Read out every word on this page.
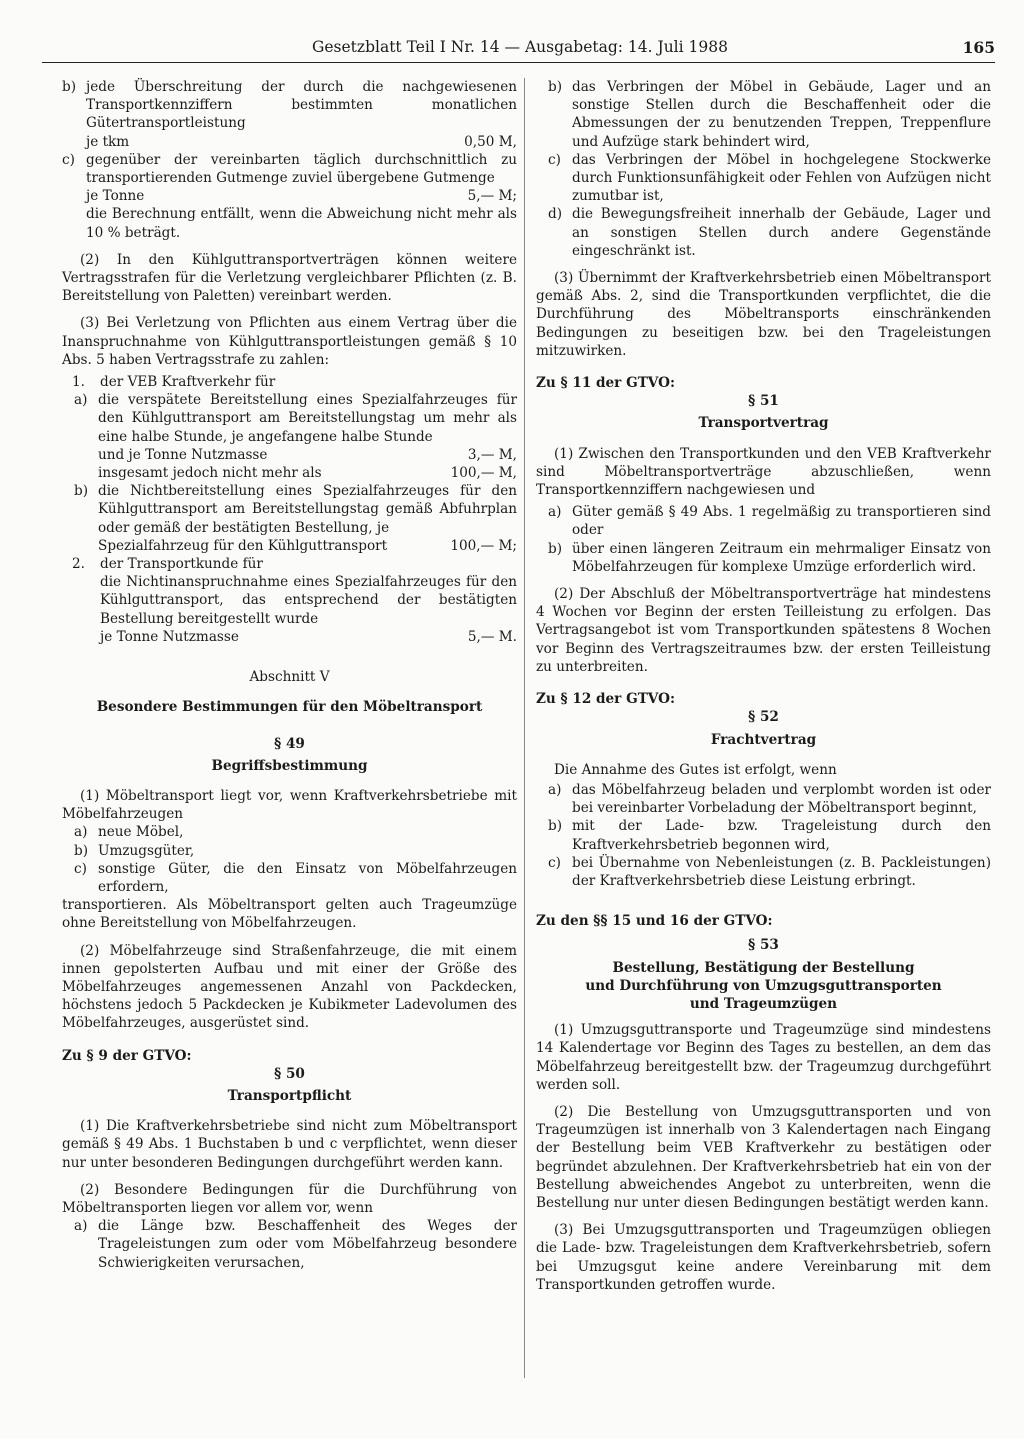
Gesetzblatt Teil I Nr. 14 — Ausgabetag: 14. Juli 1988	165
b) jede Überschreitung der durch die nachgewiesenen Transportkennziffern bestimmten monatlichen Gütertransportleistung
je tkm	0,50 M,
c) gegenüber der vereinbarten täglich durchschnittlich zu transportierenden Gutmenge zuviel übergebene Gutmenge
je Tonne	5,— M;
die Berechnung entfällt, wenn die Abweichung nicht mehr als 10 % beträgt.

(2) In den Kühlguttransportverträgen können weitere Vertragsstrafen für die Verletzung vergleichbarer Pflichten (z. B. Bereitstellung von Paletten) vereinbart werden.

(3) Bei Verletzung von Pflichten aus einem Vertrag über die Inanspruchnahme von Kühlguttransportleistungen gemäß § 10 Abs. 5 haben Vertragsstrafe zu zahlen:

1.	der VEB Kraftverkehr für
a) die verspätete Bereitstellung eines Spezialfahrzeuges für den Kühlguttransport am Bereitstellungstag um mehr als eine halbe Stunde, je angefangene halbe Stunde
und je Tonne Nutzmasse	3,— M,
insgesamt jedoch nicht mehr als	100,— M,
b) die Nichtbereitstellung eines Spezialfahrzeuges für den Kühlguttransport am Bereitstellungstag gemäß Abfuhrplan oder gemäß der bestätigten Bestellung, je
Spezialfahrzeug für den Kühlguttransport	100,— M;
2.	der Transportkunde für
die Nichtinanspruchnahme eines Spezialfahrzeuges für den Kühlguttransport, das entsprechend der bestätigten Bestellung bereitgestellt wurde
je Tonne Nutzmasse	5,— M.
Abschnitt V
Besondere Bestimmungen für den Möbeltransport
§ 49
Begriffsbestimmung

(1) Möbeltransport liegt vor, wenn Kraftverkehrsbetriebe mit Möbelfahrzeugen

a) neue Möbel,
b) Umzugsgüter,
c) sonstige Güter, die den Einsatz von Möbelfahrzeugen erfordern,

transportieren. Als Möbeltransport gelten auch Trageumzüge ohne Bereitstellung von Möbelfahrzeugen.

(2) Möbelfahrzeuge sind Straßenfahrzeuge, die mit einem innen gepolsterten Aufbau und mit einer der Größe des Möbelfahrzeuges angemessenen Anzahl von Packdecken, höchstens jedoch 5 Packdecken je Kubikmeter Ladevolumen des Möbelfahrzeuges, ausgerüstet sind.

Zu § 9 der GTVO:
§ 50
Transportpflicht

(1) Die Kraftverkehrsbetriebe sind nicht zum Möbeltransport gemäß § 49 Abs. 1 Buchstaben b und c verpflichtet, wenn dieser nur unter besonderen Bedingungen durchgeführt werden kann.

(2) Besondere Bedingungen für die Durchführung von Möbeltransporten liegen vor allem vor, wenn

a) die Länge bzw. Beschaffenheit des Weges der Trageleistungen zum oder vom Möbelfahrzeug besondere Schwierigkeiten verursachen,
b) das Verbringen der Möbel in Gebäude, Lager und an sonstige Stellen durch die Beschaffenheit oder die Abmessungen der zu benutzenden Treppen, Treppenflure und Aufzüge stark behindert wird,
c) das Verbringen der Möbel in hochgelegene Stockwerke durch Funktionsunfähigkeit oder Fehlen von Aufzügen nicht zumutbar ist,
d) die Bewegungsfreiheit innerhalb der Gebäude, Lager und an sonstigen Stellen durch andere Gegenstände eingeschränkt ist.

(3) Übernimmt der Kraftverkehrsbetrieb einen Möbeltransport gemäß Abs. 2, sind die Transportkunden verpflichtet, die die Durchführung des Möbeltransports einschränkenden Bedingungen zu beseitigen bzw. bei den Trageleistungen mitzuwirken.

Zu § 11 der GTVO:
§ 51
Transportvertrag

(1) Zwischen den Transportkunden und den VEB Kraftverkehr sind Möbeltransportverträge abzuschließen, wenn Transportkennziffern nachgewiesen und

a) Güter gemäß § 49 Abs. 1 regelmäßig zu transportieren sind oder
b) über einen längeren Zeitraum ein mehrmaliger Einsatz von Möbelfahrzeugen für komplexe Umzüge erforderlich wird.

(2) Der Abschluß der Möbeltransportverträge hat mindestens 4 Wochen vor Beginn der ersten Teilleistung zu erfolgen. Das Vertragsangebot ist vom Transportkunden spätestens 8 Wochen vor Beginn des Vertragszeitraumes bzw. der ersten Teilleistung zu unterbreiten.

Zu § 12 der GTVO:
§ 52
Frachtvertrag

Die Annahme des Gutes ist erfolgt, wenn

a) das Möbelfahrzeug beladen und verplombt worden ist oder bei vereinbarter Vorbeladung der Möbeltransport beginnt,
b) mit der Lade- bzw. Trageleistung durch den Kraftverkehrsbetrieb begonnen wird,
c) bei Übernahme von Nebenleistungen (z. B. Packleistungen) der Kraftverkehrsbetrieb diese Leistung erbringt.
Zu den §§ 15 und 16 der GTVO:
§ 53
Bestellung, Bestätigung der Bestellung
und Durchführung von Umzugsguttransporten
und Trageumzügen

(1) Umzugsguttransporte und Trageumzüge sind mindestens 14 Kalendertage vor Beginn des Tages zu bestellen, an dem das Möbelfahrzeug bereitgestellt bzw. der Trageumzug durchgeführt werden soll.

(2) Die Bestellung von Umzugsguttransporten und von Trageumzügen ist innerhalb von 3 Kalendertagen nach Eingang der Bestellung beim VEB Kraftverkehr zu bestätigen oder begründet abzulehnen. Der Kraftverkehrsbetrieb hat ein von der Bestellung abweichendes Angebot zu unterbreiten, wenn die Bestellung nur unter diesen Bedingungen bestätigt werden kann.

(3) Bei Umzugsguttransporten und Trageumzügen obliegen die Lade- bzw. Trageleistungen dem Kraftverkehrsbetrieb, sofern bei Umzugsgut keine andere Vereinbarung mit dem Transportkunden getroffen wurde.
